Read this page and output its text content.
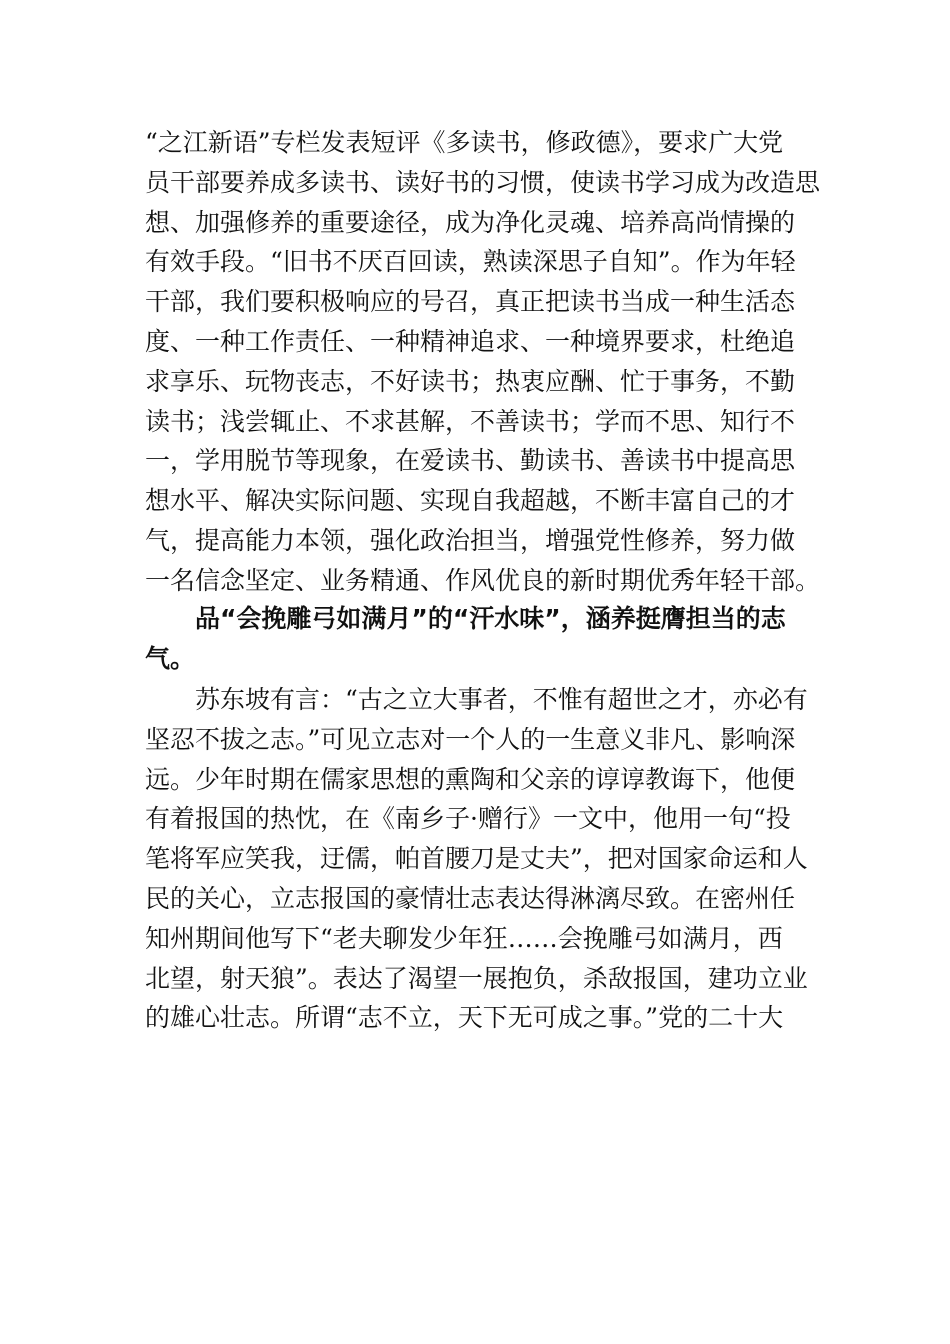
“之江新语”专栏发表短评《多读书，修政德》，要求广大党
员干部要养成多读书、读好书的习惯，使读书学习成为改造思
想、加强修养的重要途径，成为净化灵魂、培养高尚情操的
有效手段。“旧书不厌百回读，熟读深思子自知”。作为年轻
干部，我们要积极响应的号召，真正把读书当成一种生活态
度、一种工作责任、一种精神追求、一种境界要求，杜绝追
求享乐、玩物丧志，不好读书；热衷应酬、忙于事务，不勤
读书；浅尝辄止、不求甚解，不善读书；学而不思、知行不
一，学用脱节等现象，在爱读书、勤读书、善读书中提高思
想水平、解决实际问题、实现自我超越，不断丰富自己的才
气，提高能力本领，强化政治担当，增强党性修养，努力做
一名信念坚定、业务精通、作风优良的新时期优秀年轻干部。
品“会挽雕弓如满月”的“汗水味”，涵养挺膺担当的志
气。
苏东坡有言：“古之立大事者，不惟有超世之才，亦必有
坚忍不拔之志。”可见立志对一个人的一生意义非凡、影响深
远。少年时期在儒家思想的熏陶和父亲的谆谆教诲下，他便
有着报国的热忱，在《南乡子·赠行》一文中，他用一句“投
笔将军应笑我，迂儒，帕首腰刀是丈夫”，把对国家命运和人
民的关心，立志报国的豪情壮志表达得淋漓尽致。在密州任
知州期间他写下“老夫聊发少年狂……会挽雕弓如满月，西
北望，射天狼”。表达了渴望一展抱负，杀敌报国，建功立业
的雄心壮志。所谓“志不立，天下无可成之事。”党的二十大
